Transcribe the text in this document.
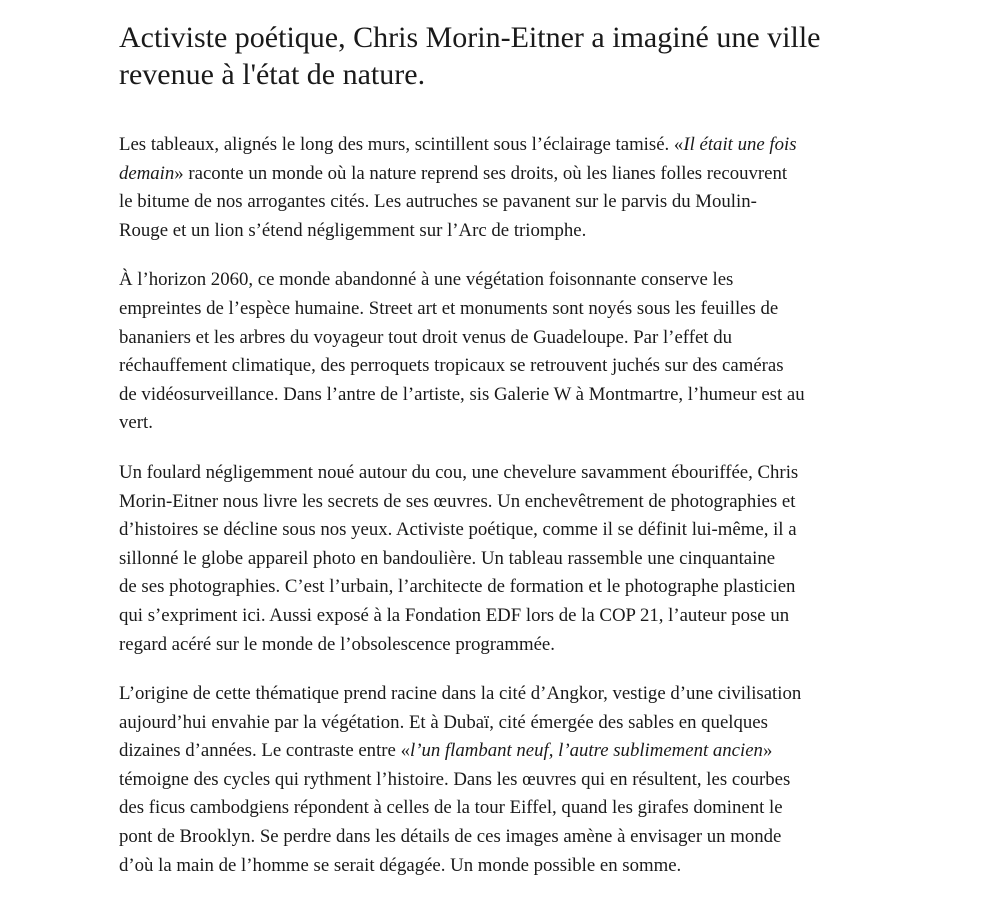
Activiste poétique, Chris Morin-Eitner a imaginé une ville
revenue à l'état de nature.

Les tableaux, alignés le long des murs, scintillent sous l’éclairage tamisé. «Il était une fois
demain» raconte un monde où la nature reprend ses droits, où les lianes folles recouvrent
le bitume de nos arrogantes cités. Les autruches se pavanent sur le parvis du Moulin-
Rouge et un lion s’étend négligemment sur l’Arc de triomphe.

À l’horizon 2060, ce monde abandonné à une végétation foisonnante conserve les
empreintes de l’espèce humaine. Street art et monuments sont noyés sous les feuilles de
bananiers et les arbres du voyageur tout droit venus de Guadeloupe. Par l’effet du
réchauffement climatique, des perroquets tropicaux se retrouvent juchés sur des caméras
de vidéosurveillance. Dans l’antre de l’artiste, sis Galerie W à Montmartre, l’humeur est au
vert.

Un foulard négligemment noué autour du cou, une chevelure savamment ébouriffée, Chris
Morin-Eitner nous livre les secrets de ses œuvres. Un enchevêtrement de photographies et
d’histoires se décline sous nos yeux. Activiste poétique, comme il se définit lui-même, il a
sillonné le globe appareil photo en bandoulière. Un tableau rassemble une cinquantaine
de ses photographies. C’est l’urbain, l’architecte de formation et le photographe plasticien
qui s’expriment ici. Aussi exposé à la Fondation EDF lors de la COP 21, l’auteur pose un
regard acéré sur le monde de l’obsolescence programmée.

L’origine de cette thématique prend racine dans la cité d’Angkor, vestige d’une civilisation
aujourd’hui envahie par la végétation. Et à Dubaï, cité émergée des sables en quelques
dizaines d’années. Le contraste entre «l’un flambant neuf, l’autre sublimement ancien»
témoigne des cycles qui rythment l’histoire. Dans les œuvres qui en résultent, les courbes
des ficus cambodgiens répondent à celles de la tour Eiffel, quand les girafes dominent le
pont de Brooklyn. Se perdre dans les détails de ces images amène à envisager un monde
d’où la main de l’homme se serait dégagée. Un monde possible en somme.
